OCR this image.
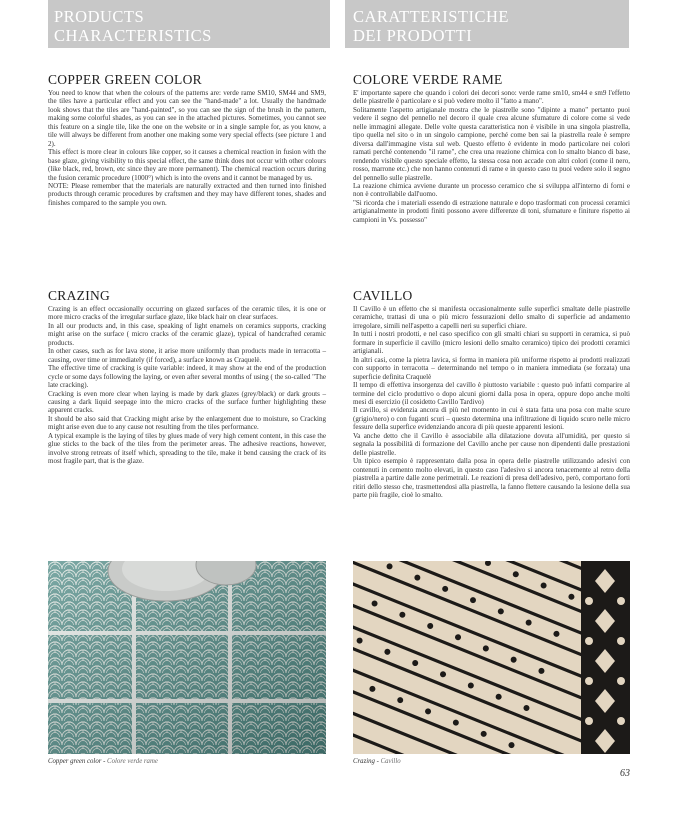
PRODUCTS
CHARACTERISTICS
CARATTERISTICHE
DEI PRODOTTI
COPPER GREEN COLOR

You need to know that when the colours of the patterns are: verde rame SM10, SM44 and SM9, the tiles have a particular effect and you can see the "hand-made" a lot. Usually the handmade look shows that the tiles are "hand-painted", so you can see the sign of the brush in the pattern, making some colorful shades, as you can see in the attached pictures. Sometimes, you cannot see this feature on a single tile, like the one on the website or in a single sample for, as you know, a tile will always be different from another one making some very special effects (see picture 1 and 2).

This effect is more clear in colours like copper, so it causes a chemical reaction in fusion with the base glaze, giving visibility to this special effect, the same think does not occur with other colours (like black, red, brown, etc since they are more permanent). The chemical reaction occurs during the fusion ceramic procedure (1000°) which is into the ovens and it cannot be managed by us.

NOTE: Please remember that the materials are naturally extracted and then turned into finished products through ceramic procedures by craftsmen and they may have different tones, shades and finishes compared to the sample you own.

COLORE VERDE RAME

E' importante sapere che quando i colori dei decori sono: verde rame sm10, sm44 e sm9 l'effetto delle piastrelle è particolare e si può vedere molto il "fatto a mano".

Solitamente l'aspetto artigianale mostra che le piastrelle sono "dipinte a mano" pertanto puoi vedere il segno del pennello nel decoro il quale crea alcune sfumature di colore come si vede nelle immagini allegate. Delle volte questa caratteristica non è visibile in una singola piastrella, tipo quella nel sito o in un singolo campione, perché come ben sai la piastrella reale è sempre diversa dall'immagine vista sul web. Questo effetto è evidente in modo particolare nei colori ramati perché contenendo "il rame", che crea una reazione chimica con lo smalto bianco di base, rendendo visibile questo speciale effetto, la stessa cosa non accade con altri colori (come il nero, rosso, marrone etc.) che non hanno contenuti di rame e in questo caso tu puoi vedere solo il segno del pennello sulle piastrelle.

La reazione chimica avviene durante un processo ceramico che si sviluppa all'interno di forni e non è controllabile dall'uomo.

"Si ricorda che i materiali essendo di estrazione naturale e dopo trasformati con processi ceramici artigianalmente in prodotti finiti possono avere differenze di toni, sfumature e finiture rispetto ai campioni in Vs. possesso"

CRAZING

Crazing is an effect occasionally occurring on glazed surfaces of the ceramic tiles, it is one or more micro cracks of the irregular surface glaze, like black hair on clear surfaces.

In all our products and, in this case, speaking of light enamels on ceramics supports, cracking might arise on the surface ( micro cracks of the ceramic glaze), typical of handcrafted ceramic products.

In other cases, such as for lava stone, it arise more uniformly than products made in terracotta – causing, over time or immediately (if forced), a surface known as Craquelè.

The effective time of cracking is quite variable: indeed, it may show at the end of the production cycle or some days following the laying, or even after several months of using ( the so-called "The late cracking).

Cracking is even more clear when laying is made by dark glazes (grey/black) or dark grouts – causing a dark liquid seepage into the micro cracks of the surface further highlighting these apparent cracks.

It should be also said that Cracking might arise by the enlargement due to moisture, so Cracking might arise even due to any cause not resulting from the tiles performance.

A typical example is the laying of tiles by glues made of very high cement content, in this case the glue sticks to the back of the tiles from the perimeter areas. The adhesive reactions, however, involve strong retreats of itself which, spreading to the tile, make it bend causing the crack of its most fragile part, that is the glaze.

CAVILLO

Il Cavillo è un effetto che si manifesta occasionalmente sulle superfici smaltate delle piastrelle ceramiche, trattasi di una o più micro fessurazioni dello smalto di superficie ad andamento irregolare, simili nell'aspetto a capelli neri su superfici chiare.

In tutti i nostri prodotti, e nel caso specifico con gli smalti chiari su supporti in ceramica, si può formare in superficie il cavillo (micro lesioni dello smalto ceramico) tipico dei prodotti ceramici artigianali.

In altri casi, come la pietra lavica, si forma in maniera più uniforme rispetto ai prodotti realizzati con supporto in terracotta – determinando nel tempo o in maniera immediata (se forzata) una superficie definita Craquelè

Il tempo di effettiva insorgenza del cavillo è piuttosto variabile : questo può infatti comparire al termine del ciclo produttivo o dopo alcuni giorni dalla posa in opera, oppure dopo anche molti mesi di esercizio (il cosidetto Cavillo Tardivo)

Il cavillo, si evidenzia ancora di più nel momento in cui è stata fatta una posa con malte scure (grigio/nero) o con fuganti scuri – questo determina una infiltrazione di liquido scuro nelle micro fessure della superfice evidenziando ancora di più queste apparenti lesioni.

Va anche detto che il Cavillo è associabile alla dilatazione dovuta all'umidità, per questo si segnala la possibilità di formazione del Cavillo anche per cause non dipendenti dalle prestazioni delle piastrelle.

Un tipico esempio è rappresentato dalla posa in opera delle piastrelle utilizzando adesivi con contenuti in cemento molto elevati, in questo caso l'adesivo si ancora tenacemente al retro della piastrella a partire dalle zone perimetrali. Le reazioni di presa dell'adesivo, però, comportano forti ritiri dello stesso che, trasmettendosi alla piastrella, la fanno flettere causando la lesione della sua parte più fragile, cioè lo smalto.

Copper green color - Colore verde rame	Crazing - Cavillo
63
